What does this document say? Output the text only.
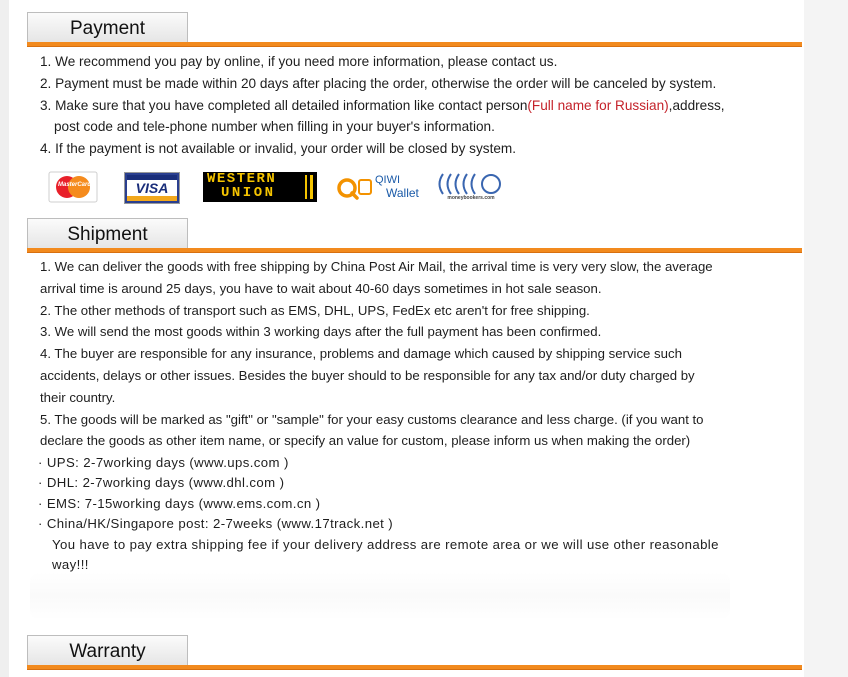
Payment

1. We recommend you pay by online, if you need more information, please contact us.

2. Payment must be made within 20 days after placing the order, otherwise the order will be canceled by system.

3. Make sure that you have completed all detailed information like contact person(Full name for Russian),address,

post code and tele-phone number when filling in your buyer's information.

4. If the payment is not available or invalid, your order will be closed by system.

MasterCard	VISA
WESTERN
UNION
QIWI
Wallet	moneybookers.com
Shipment

1. We can deliver the goods with free shipping by China Post Air Mail, the arrival time is very very slow, the average

arrival time is around 25 days, you have to wait about 40-60 days sometimes in hot sale season.

2. The other methods of transport such as EMS, DHL, UPS, FedEx etc aren't for free shipping.

3. We will send the most goods within 3 working days after the full payment has been confirmed.

4. The buyer are responsible for any insurance, problems and damage which caused by shipping service such

accidents, delays or other issues. Besides the buyer should to be responsible for any tax and/or duty charged by

their country.

5. The goods will be marked as "gift" or "sample" for your easy customs clearance and less charge. (if you want to

declare the goods as other item name, or specify an value for custom, please inform us when making the order)

· UPS: 2-7working days (www.ups.com )

· DHL: 2-7working days (www.dhl.com )

· EMS: 7-15working days (www.ems.com.cn )

· China/HK/Singapore post: 2-7weeks (www.17track.net )

You have to pay extra shipping fee if your delivery address are remote area or we will use other reasonable

way!!!

Warranty
